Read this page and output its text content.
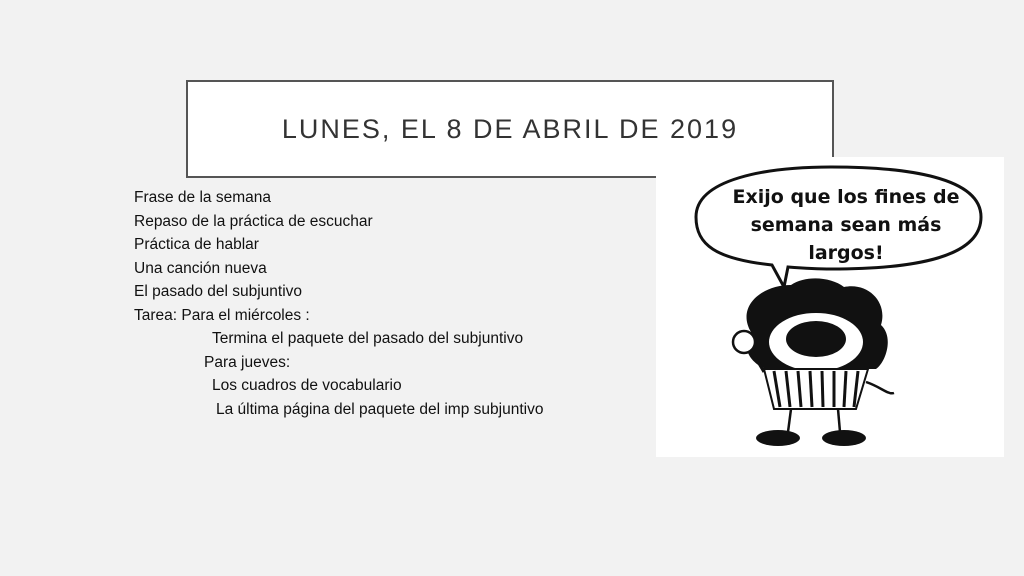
LUNES, EL 8 DE ABRIL DE 2019
Frase de la semana
Repaso de la práctica de escuchar
Práctica de hablar
Una canción nueva
El pasado del subjuntivo
Tarea: Para el miércoles :
Termina el paquete del pasado del subjuntivo
Para jueves:
Los cuadros de vocabulario
La última página del paquete del imp subjuntivo
Exijo que los fines de
semana sean más largos!
